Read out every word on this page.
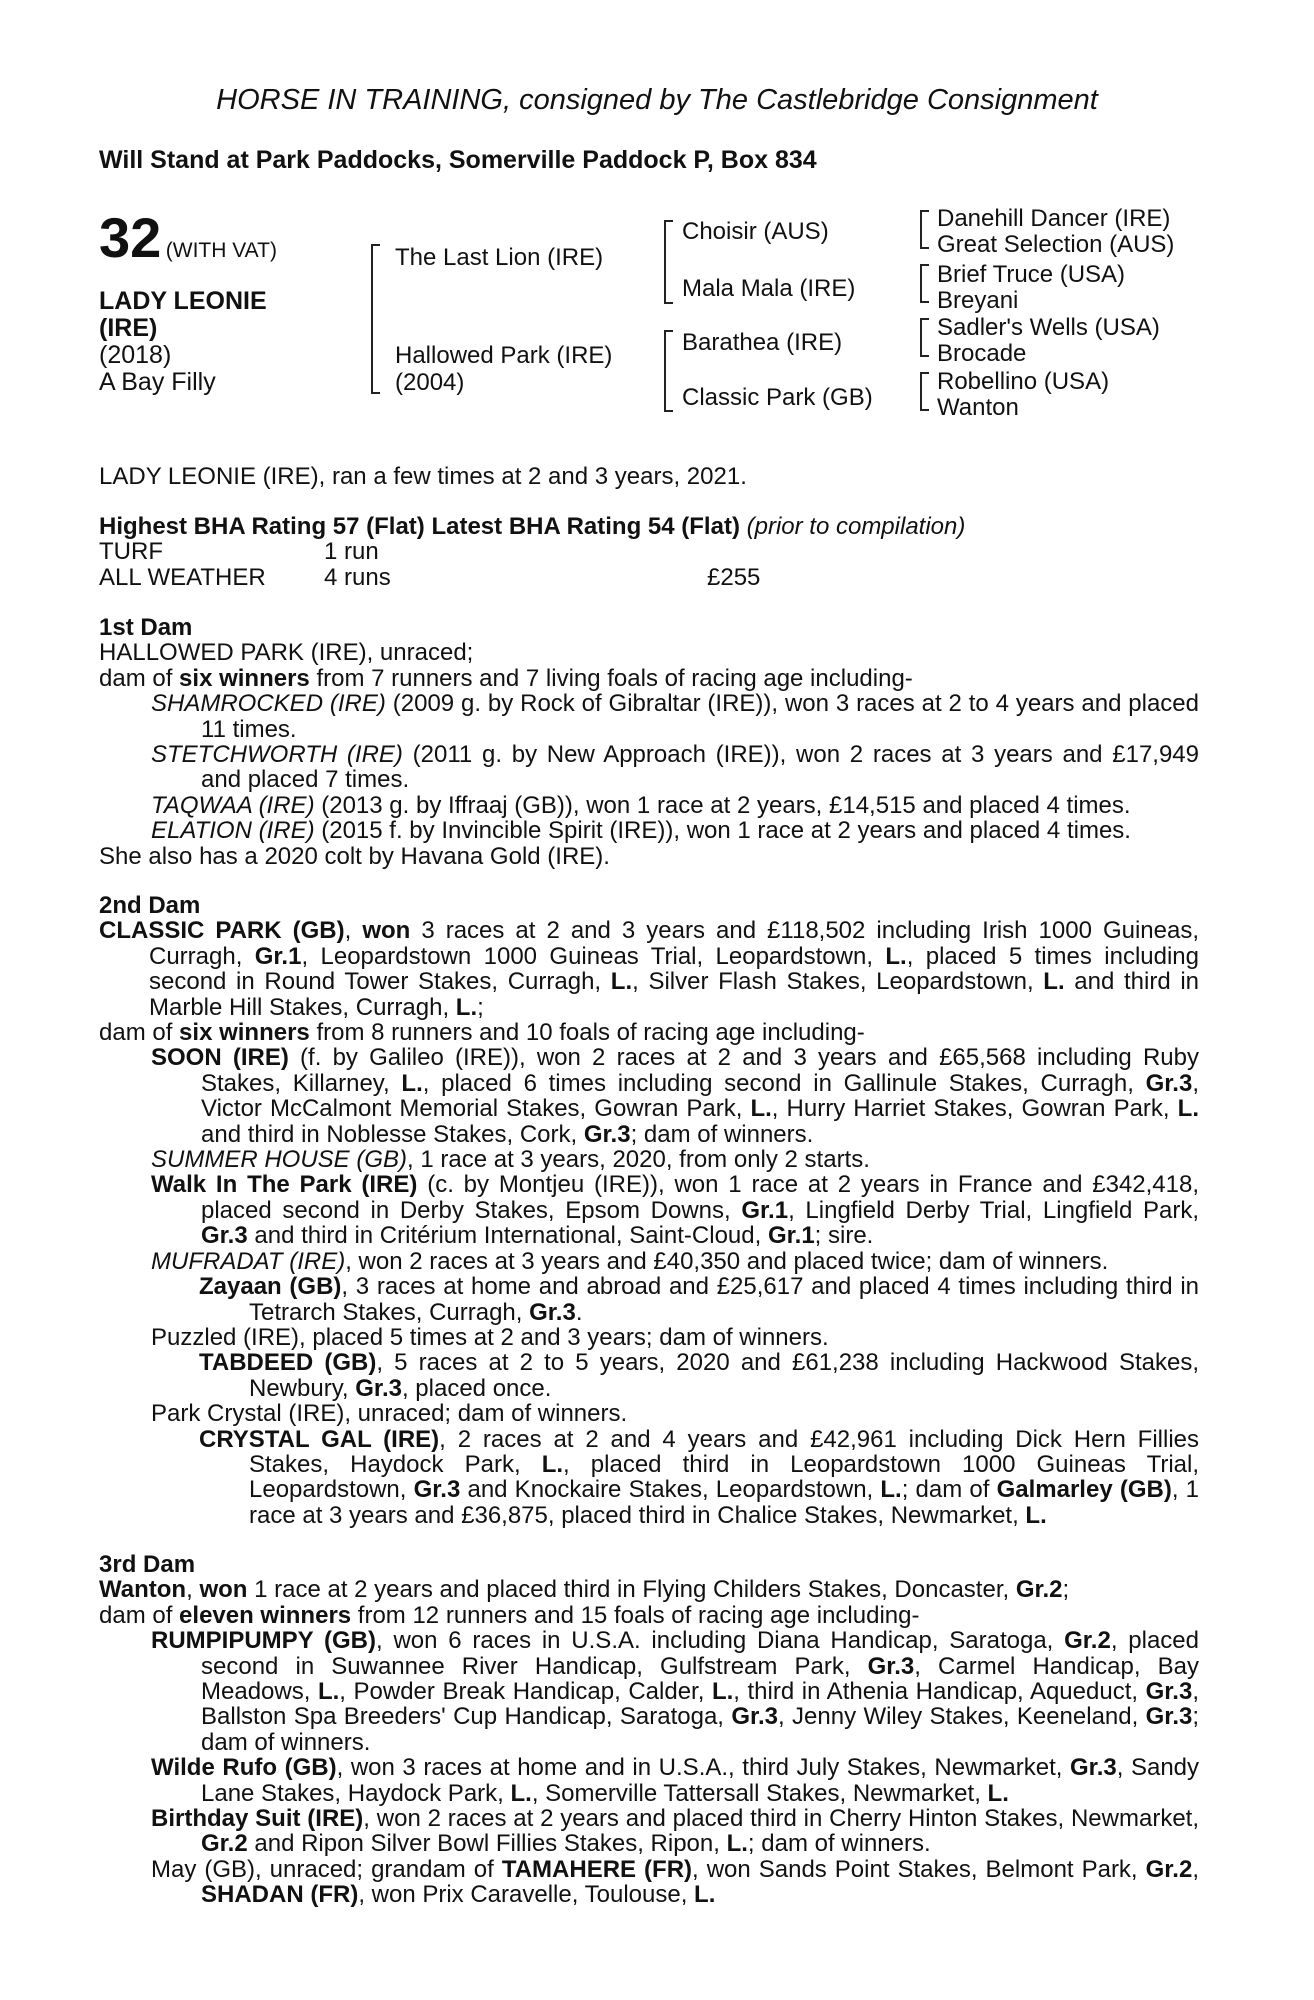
HORSE IN TRAINING, consigned by The Castlebridge Consignment
Will Stand at Park Paddocks, Somerville Paddock P, Box 834
32 (WITH VAT)
LADY LEONIE
(IRE)
(2018)
A Bay Filly
The Last Lion (IRE)
Hallowed Park (IRE)
(2004)
Choisir (AUS)
Mala Mala (IRE)
Barathea (IRE)
Classic Park (GB)
Danehill Dancer (IRE)
Great Selection (AUS)
Brief Truce (USA)
Breyani
Sadler's Wells (USA)
Brocade
Robellino (USA)
Wanton
LADY LEONIE (IRE), ran a few times at 2 and 3 years, 2021.
Highest BHA Rating 57 (Flat) Latest BHA Rating 54 (Flat) (prior to compilation)
TURF	1 run
ALL WEATHER	4 runs	£255
1st Dam

HALLOWED PARK (IRE), unraced;

dam of six winners from 7 runners and 7 living foals of racing age including-

SHAMROCKED (IRE) (2009 g. by Rock of Gibraltar (IRE)), won 3 races at 2 to 4 years and placed 11 times.

STETCHWORTH (IRE) (2011 g. by New Approach (IRE)), won 2 races at 3 years and £17,949 and placed 7 times.

TAQWAA (IRE) (2013 g. by Iffraaj (GB)), won 1 race at 2 years, £14,515 and placed 4 times.

ELATION (IRE) (2015 f. by Invincible Spirit (IRE)), won 1 race at 2 years and placed 4 times.

She also has a 2020 colt by Havana Gold (IRE).

2nd Dam

CLASSIC PARK (GB), won 3 races at 2 and 3 years and £118,502 including Irish 1000 Guineas, Curragh, Gr.1, Leopardstown 1000 Guineas Trial, Leopardstown, L., placed 5 times including second in Round Tower Stakes, Curragh, L., Silver Flash Stakes, Leopardstown, L. and third in Marble Hill Stakes, Curragh, L.;

dam of six winners from 8 runners and 10 foals of racing age including-

SOON (IRE) (f. by Galileo (IRE)), won 2 races at 2 and 3 years and £65,568 including Ruby Stakes, Killarney, L., placed 6 times including second in Gallinule Stakes, Curragh, Gr.3, Victor McCalmont Memorial Stakes, Gowran Park, L., Hurry Harriet Stakes, Gowran Park, L. and third in Noblesse Stakes, Cork, Gr.3; dam of winners.

SUMMER HOUSE (GB), 1 race at 3 years, 2020, from only 2 starts.

Walk In The Park (IRE) (c. by Montjeu (IRE)), won 1 race at 2 years in France and £342,418, placed second in Derby Stakes, Epsom Downs, Gr.1, Lingfield Derby Trial, Lingfield Park, Gr.3 and third in Critérium International, Saint-Cloud, Gr.1; sire.

MUFRADAT (IRE), won 2 races at 3 years and £40,350 and placed twice; dam of winners.

Zayaan (GB), 3 races at home and abroad and £25,617 and placed 4 times including third in Tetrarch Stakes, Curragh, Gr.3.

Puzzled (IRE), placed 5 times at 2 and 3 years; dam of winners.

TABDEED (GB), 5 races at 2 to 5 years, 2020 and £61,238 including Hackwood Stakes, Newbury, Gr.3, placed once.

Park Crystal (IRE), unraced; dam of winners.

CRYSTAL GAL (IRE), 2 races at 2 and 4 years and £42,961 including Dick Hern Fillies Stakes, Haydock Park, L., placed third in Leopardstown 1000 Guineas Trial, Leopardstown, Gr.3 and Knockaire Stakes, Leopardstown, L.; dam of Galmarley (GB), 1 race at 3 years and £36,875, placed third in Chalice Stakes, Newmarket, L.

3rd Dam

Wanton, won 1 race at 2 years and placed third in Flying Childers Stakes, Doncaster, Gr.2;

dam of eleven winners from 12 runners and 15 foals of racing age including-

RUMPIPUMPY (GB), won 6 races in U.S.A. including Diana Handicap, Saratoga, Gr.2, placed second in Suwannee River Handicap, Gulfstream Park, Gr.3, Carmel Handicap, Bay Meadows, L., Powder Break Handicap, Calder, L., third in Athenia Handicap, Aqueduct, Gr.3, Ballston Spa Breeders' Cup Handicap, Saratoga, Gr.3, Jenny Wiley Stakes, Keeneland, Gr.3; dam of winners.

Wilde Rufo (GB), won 3 races at home and in U.S.A., third July Stakes, Newmarket, Gr.3, Sandy Lane Stakes, Haydock Park, L., Somerville Tattersall Stakes, Newmarket, L.

Birthday Suit (IRE), won 2 races at 2 years and placed third in Cherry Hinton Stakes, Newmarket, Gr.2 and Ripon Silver Bowl Fillies Stakes, Ripon, L.; dam of winners.

May (GB), unraced; grandam of TAMAHERE (FR), won Sands Point Stakes, Belmont Park, Gr.2, SHADAN (FR), won Prix Caravelle, Toulouse, L.
